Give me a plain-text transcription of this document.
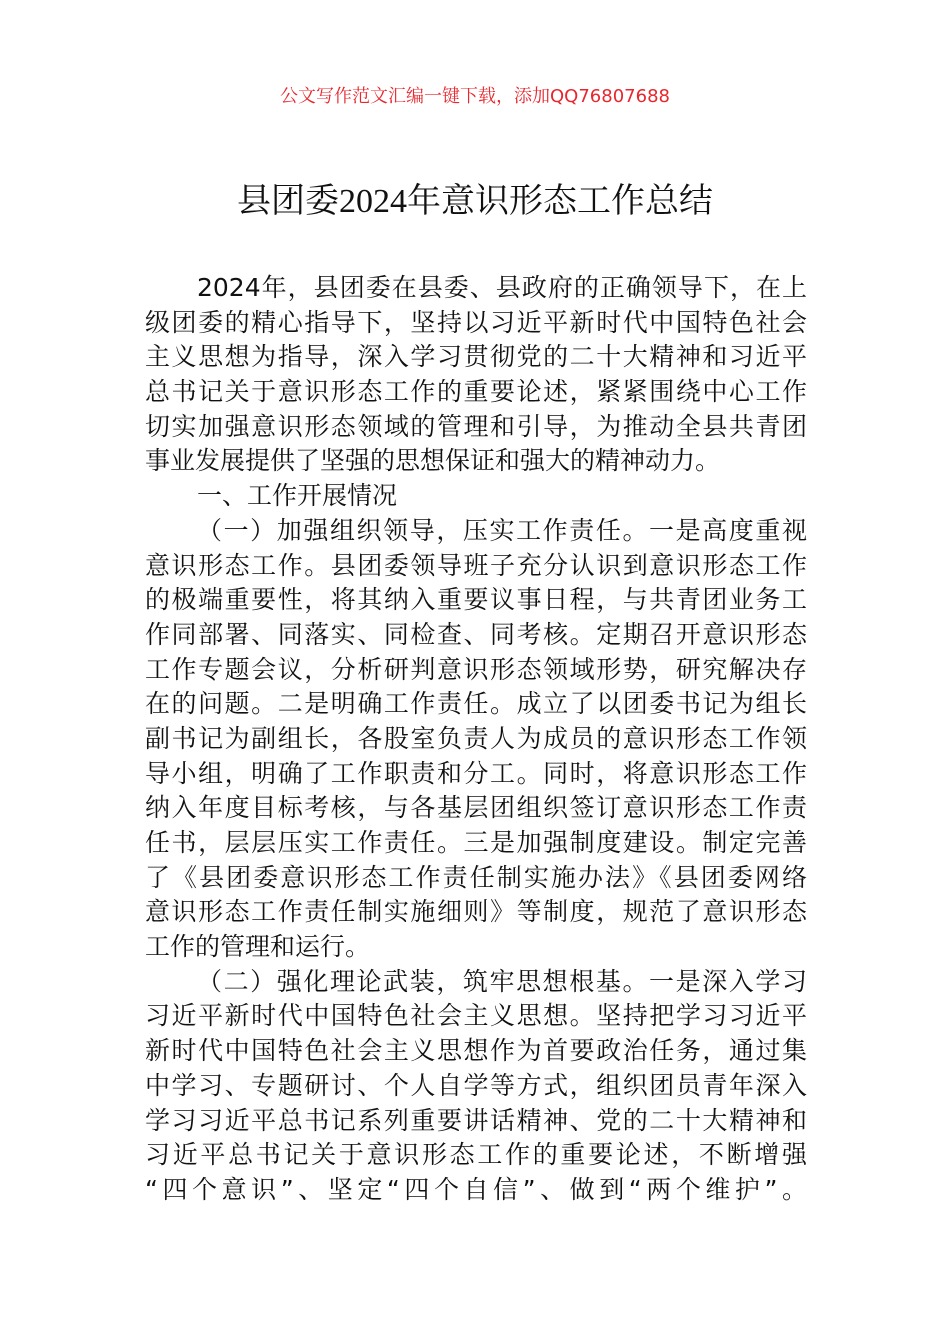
公文写作范文汇编一键下载，添加QQ76807688
县团委2024年意识形态工作总结
2024年，县团委在县委、县政府的正确领导下，在上
级团委的精心指导下，坚持以习近平新时代中国特色社会
主义思想为指导，深入学习贯彻党的二十大精神和习近平
总书记关于意识形态工作的重要论述，紧紧围绕中心工作
切实加强意识形态领域的管理和引导，为推动全县共青团
事业发展提供了坚强的思想保证和强大的精神动力。
一、工作开展情况
（一）加强组织领导，压实工作责任。一是高度重视
意识形态工作。县团委领导班子充分认识到意识形态工作
的极端重要性，将其纳入重要议事日程，与共青团业务工
作同部署、同落实、同检查、同考核。定期召开意识形态
工作专题会议，分析研判意识形态领域形势，研究解决存
在的问题。二是明确工作责任。成立了以团委书记为组长
副书记为副组长，各股室负责人为成员的意识形态工作领
导小组，明确了工作职责和分工。同时，将意识形态工作
纳入年度目标考核，与各基层团组织签订意识形态工作责
任书，层层压实工作责任。三是加强制度建设。制定完善
了《县团委意识形态工作责任制实施办法》《县团委网络
意识形态工作责任制实施细则》等制度，规范了意识形态
工作的管理和运行。
（二）强化理论武装，筑牢思想根基。一是深入学习
习近平新时代中国特色社会主义思想。坚持把学习习近平
新时代中国特色社会主义思想作为首要政治任务，通过集
中学习、专题研讨、个人自学等方式，组织团员青年深入
学习习近平总书记系列重要讲话精神、党的二十大精神和
习近平总书记关于意识形态工作的重要论述，不断增强
“四个意识”、坚定“四个自信”、做到“两个维护”。
